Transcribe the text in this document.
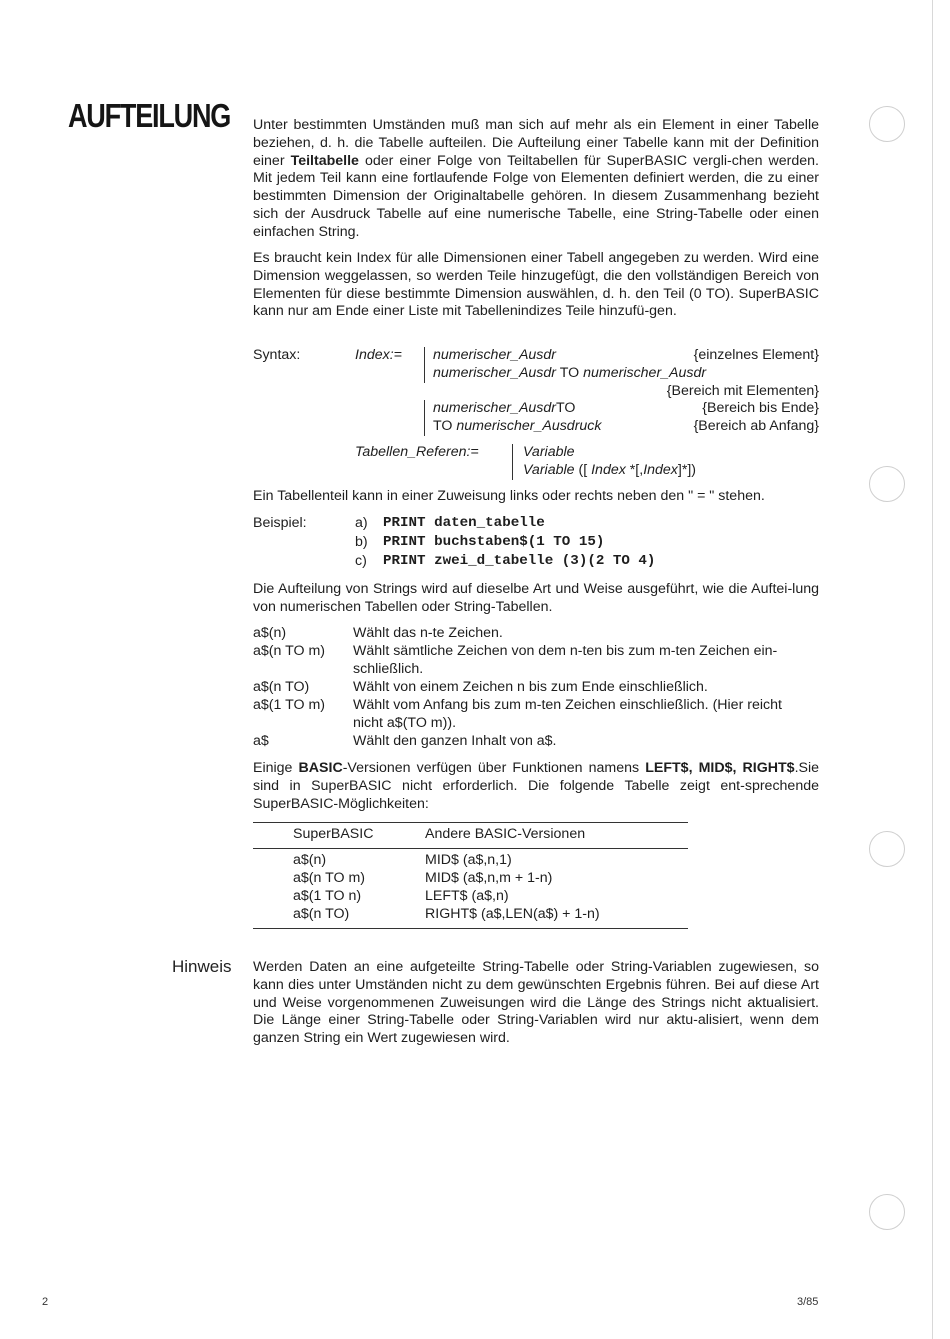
AUFTEILUNG Unter bestimmten Umständen muß man sich auf mehr als ein Element in einer Tabelle beziehen, d. h. die Tabelle aufteilen. Die Aufteilung einer Tabelle kann mit der Definition einer Teiltabelle oder einer Folge von Teiltabellen für SuperBASIC vergli-chen werden. Mit jedem Teil kann eine fortlaufende Folge von Elementen definiert werden, die zu einer bestimmten Dimension der Originaltabelle gehören. In diesem Zusammenhang bezieht sich der Ausdruck Tabelle auf eine numerische Tabelle, eine String-Tabelle oder einen einfachen String.

Es braucht kein Index für alle Dimensionen einer Tabell angegeben zu werden. Wird eine Dimension weggelassen, so werden Teile hinzugefügt, die den vollständigen Bereich von Elementen für diese bestimmte Dimension auswählen, d. h. den Teil (0 TO). SuperBASIC kann nur am Ende einer Liste mit Tabellenindizes Teile hinzufü-gen.

Syntax:	Index:= numerischer_Ausdr	{einzelnes Element}
numerischer_Ausdr TO numerischer_Ausdr
{Bereich mit Elementen}
numerischer_AusdrTO	{Bereich bis Ende}
TO numerischer_Ausdruck	{Bereich ab Anfang}
Tabellen_Referen:=	Variable
Variable ([ Index *[,Index]*])
Ein Tabellenteil kann in einer Zuweisung links oder rechts neben den " = " stehen.
Beispiel:	a) PRINT daten_tabelle
b) PRINT buchstaben$(1 TO 15)
c) PRINT zwei_d_tabelle (3)(2 TO 4)

Die Aufteilung von Strings wird auf dieselbe Art und Weise ausgeführt, wie die Auftei-lung von numerischen Tabellen oder String-Tabellen.

a$(n)	Wählt das n-te Zeichen.
a$(n TO m) Wählt sämtliche Zeichen von dem n-ten bis zum m-ten Zeichen ein-
schließlich.
a$(n TO)	Wählt von einem Zeichen n bis zum Ende einschließlich.
a$(1 TO m) Wählt vom Anfang bis zum m-ten Zeichen einschließlich. (Hier reicht
nicht a$(TO m)).
a$	Wählt den ganzen Inhalt von a$.

Einige BASIC-Versionen verfügen über Funktionen namens LEFT$, MID$, RIGHT$.Sie sind in SuperBASIC nicht erforderlich. Die folgende Tabelle zeigt ent-sprechende SuperBASIC-Möglichkeiten:

SuperBASIC	Andere BASIC-Versionen
a$(n)	MID$ (a$,n,1)
a$(n TO m)	MID$ (a$,n,m + 1-n)
a$(1 TO n)	LEFT$ (a$,n)
a$(n TO)	RIGHT$ (a$,LEN(a$) + 1-n)
Hinweis Werden Daten an eine aufgeteilte String-Tabelle oder String-Variablen zugewiesen, so kann dies unter Umständen nicht zu dem gewünschten Ergebnis führen. Bei auf diese Art und Weise vorgenommenen Zuweisungen wird die Länge des Strings nicht aktualisiert. Die Länge einer String-Tabelle oder String-Variablen wird nur aktu-alisiert, wenn dem ganzen String ein Wert zugewiesen wird.

2	3/85
